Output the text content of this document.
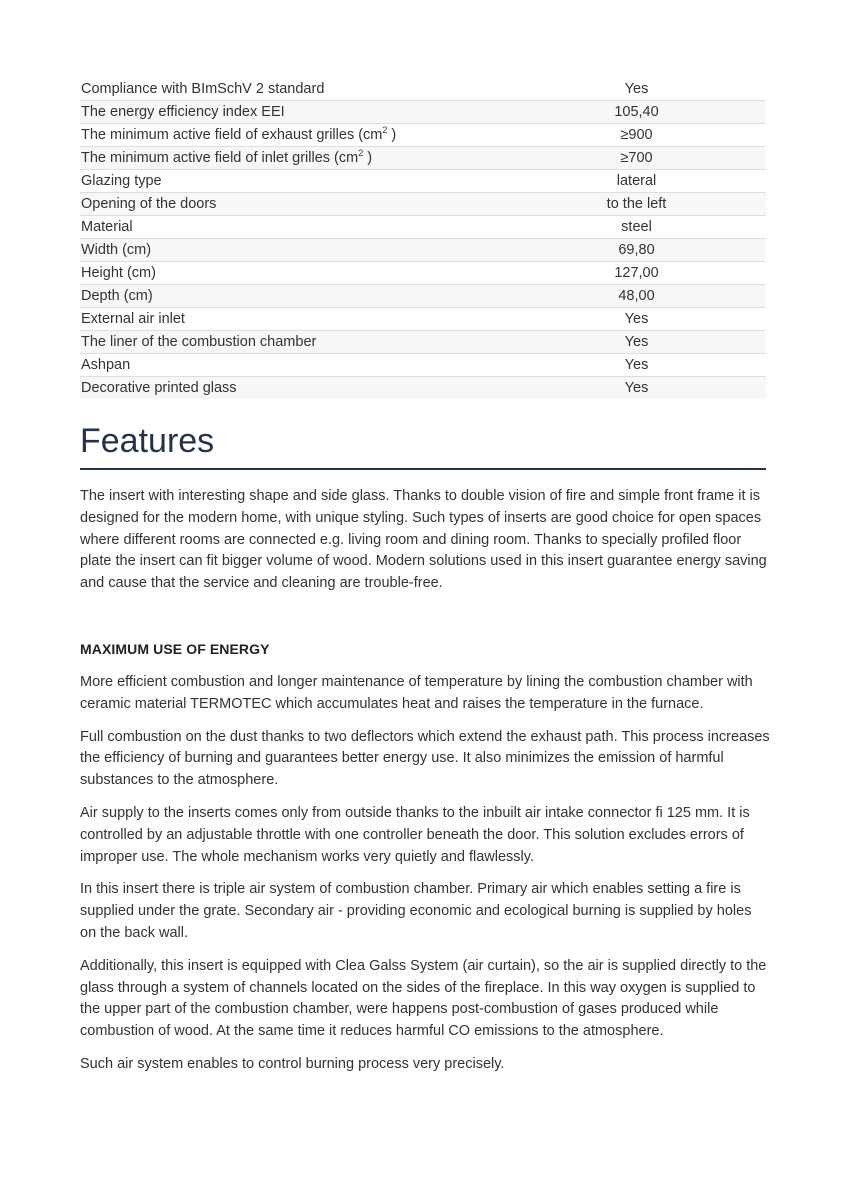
Compliance with BImSchV 2 standard	Yes
The energy efficiency index EEI	105,40
The minimum active field of exhaust grilles ($cm^2$ )	≥900
The minimum active field of inlet grilles ($cm^2$ )	≥700
Glazing type	lateral
Opening of the doors	to the left
Material	steel
Width (cm)	69,80
Height (cm)	127,00
Depth (cm)	48,00
External air inlet	Yes
The liner of the combustion chamber	Yes
Ashpan	Yes
Decorative printed glass	Yes
Features

The insert with interesting shape and side glass. Thanks to double vision of fire and simple front frame it is designed for the modern home, with unique styling. Such types of inserts are good choice for open spaces where different rooms are connected e.g. living room and dining room. Thanks to specially profiled floor plate the insert can fit bigger volume of wood. Modern solutions used in this insert guarantee energy saving and cause that the service and cleaning are trouble-free.

MAXIMUM USE OF ENERGY

More efficient combustion and longer maintenance of temperature by lining the combustion chamber with ceramic material TERMOTEC which accumulates heat and raises the temperature in the furnace.

Full combustion on the dust thanks to two deflectors which extend the exhaust path. This process increases the efficiency of burning and guarantees better energy use. It also minimizes the emission of harmful substances to the atmosphere.

Air supply to the inserts comes only from outside thanks to the inbuilt air intake connector fi 125 mm. It is controlled by an adjustable throttle with one controller beneath the door. This solution excludes errors of improper use. The whole mechanism works very quietly and flawlessly.

In this insert there is triple air system of combustion chamber. Primary air which enables setting a fire is supplied under the grate. Secondary air - providing economic and ecological burning is supplied by holes on the back wall.

Additionally, this insert is equipped with Clea Galss System (air curtain), so the air is supplied directly to the glass through a system of channels located on the sides of the fireplace. In this way oxygen is supplied to the upper part of the combustion chamber, were happens post-combustion of gases produced while combustion of wood. At the same time it reduces harmful CO emissions to the atmosphere.

Such air system enables to control burning process very precisely.
